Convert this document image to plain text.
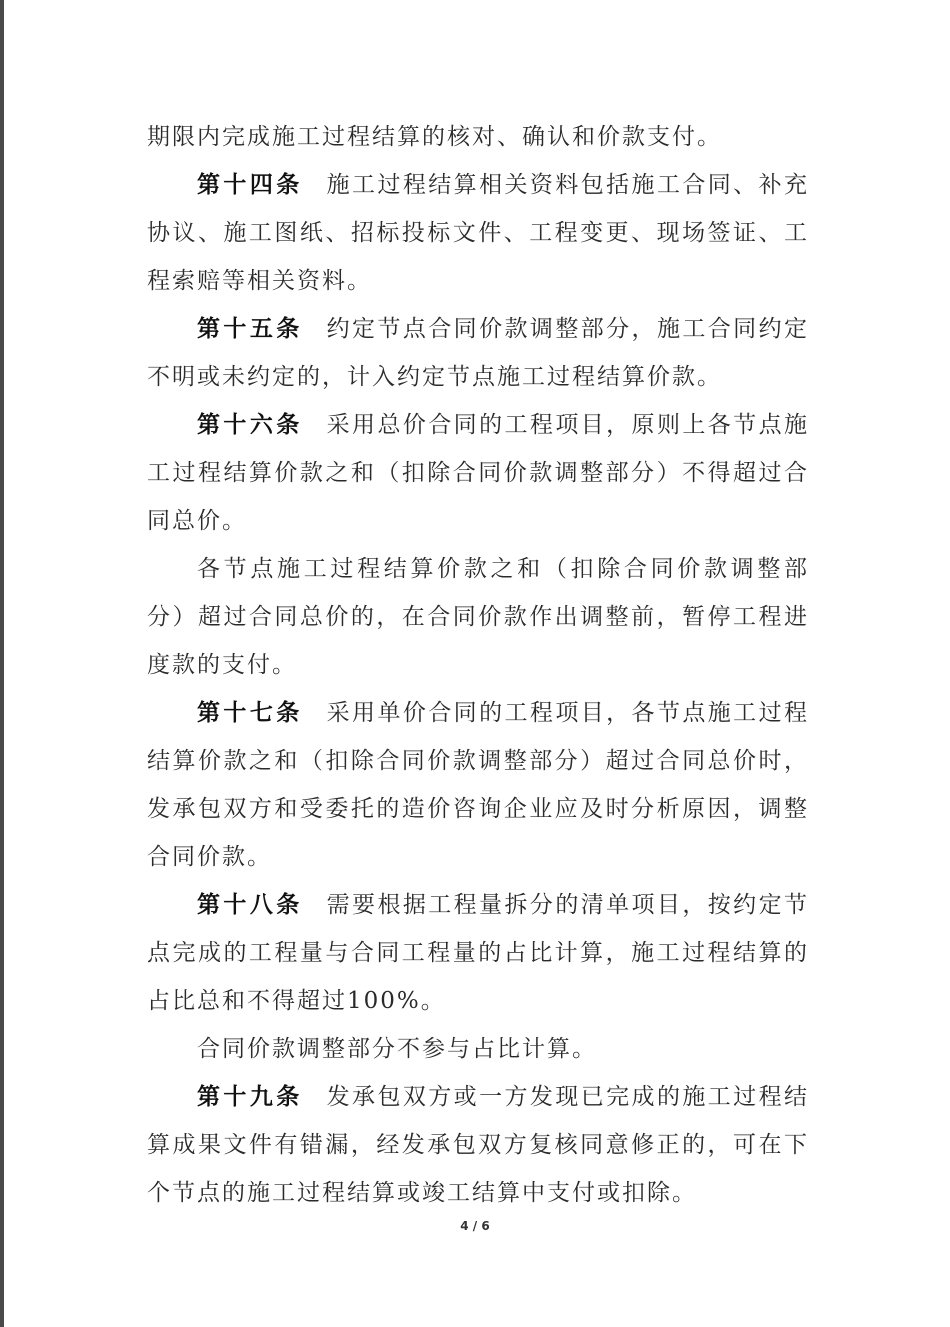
期限内完成施工过程结算的核对、确认和价款支付。

第十四条 施工过程结算相关资料包括施工合同、补充协议、施工图纸、招标投标文件、工程变更、现场签证、工程索赔等相关资料。

第十五条 约定节点合同价款调整部分，施工合同约定不明或未约定的，计入约定节点施工过程结算价款。

第十六条 采用总价合同的工程项目，原则上各节点施工过程结算价款之和（扣除合同价款调整部分）不得超过合同总价。

各节点施工过程结算价款之和（扣除合同价款调整部分）超过合同总价的，在合同价款作出调整前，暂停工程进度款的支付。

第十七条 采用单价合同的工程项目，各节点施工过程结算价款之和（扣除合同价款调整部分）超过合同总价时，发承包双方和受委托的造价咨询企业应及时分析原因，调整合同价款。

第十八条 需要根据工程量拆分的清单项目，按约定节点完成的工程量与合同工程量的占比计算，施工过程结算的占比总和不得超过100%。

合同价款调整部分不参与占比计算。

第十九条 发承包双方或一方发现已完成的施工过程结算成果文件有错漏，经发承包双方复核同意修正的，可在下个节点的施工过程结算或竣工结算中支付或扣除。

4 / 6
